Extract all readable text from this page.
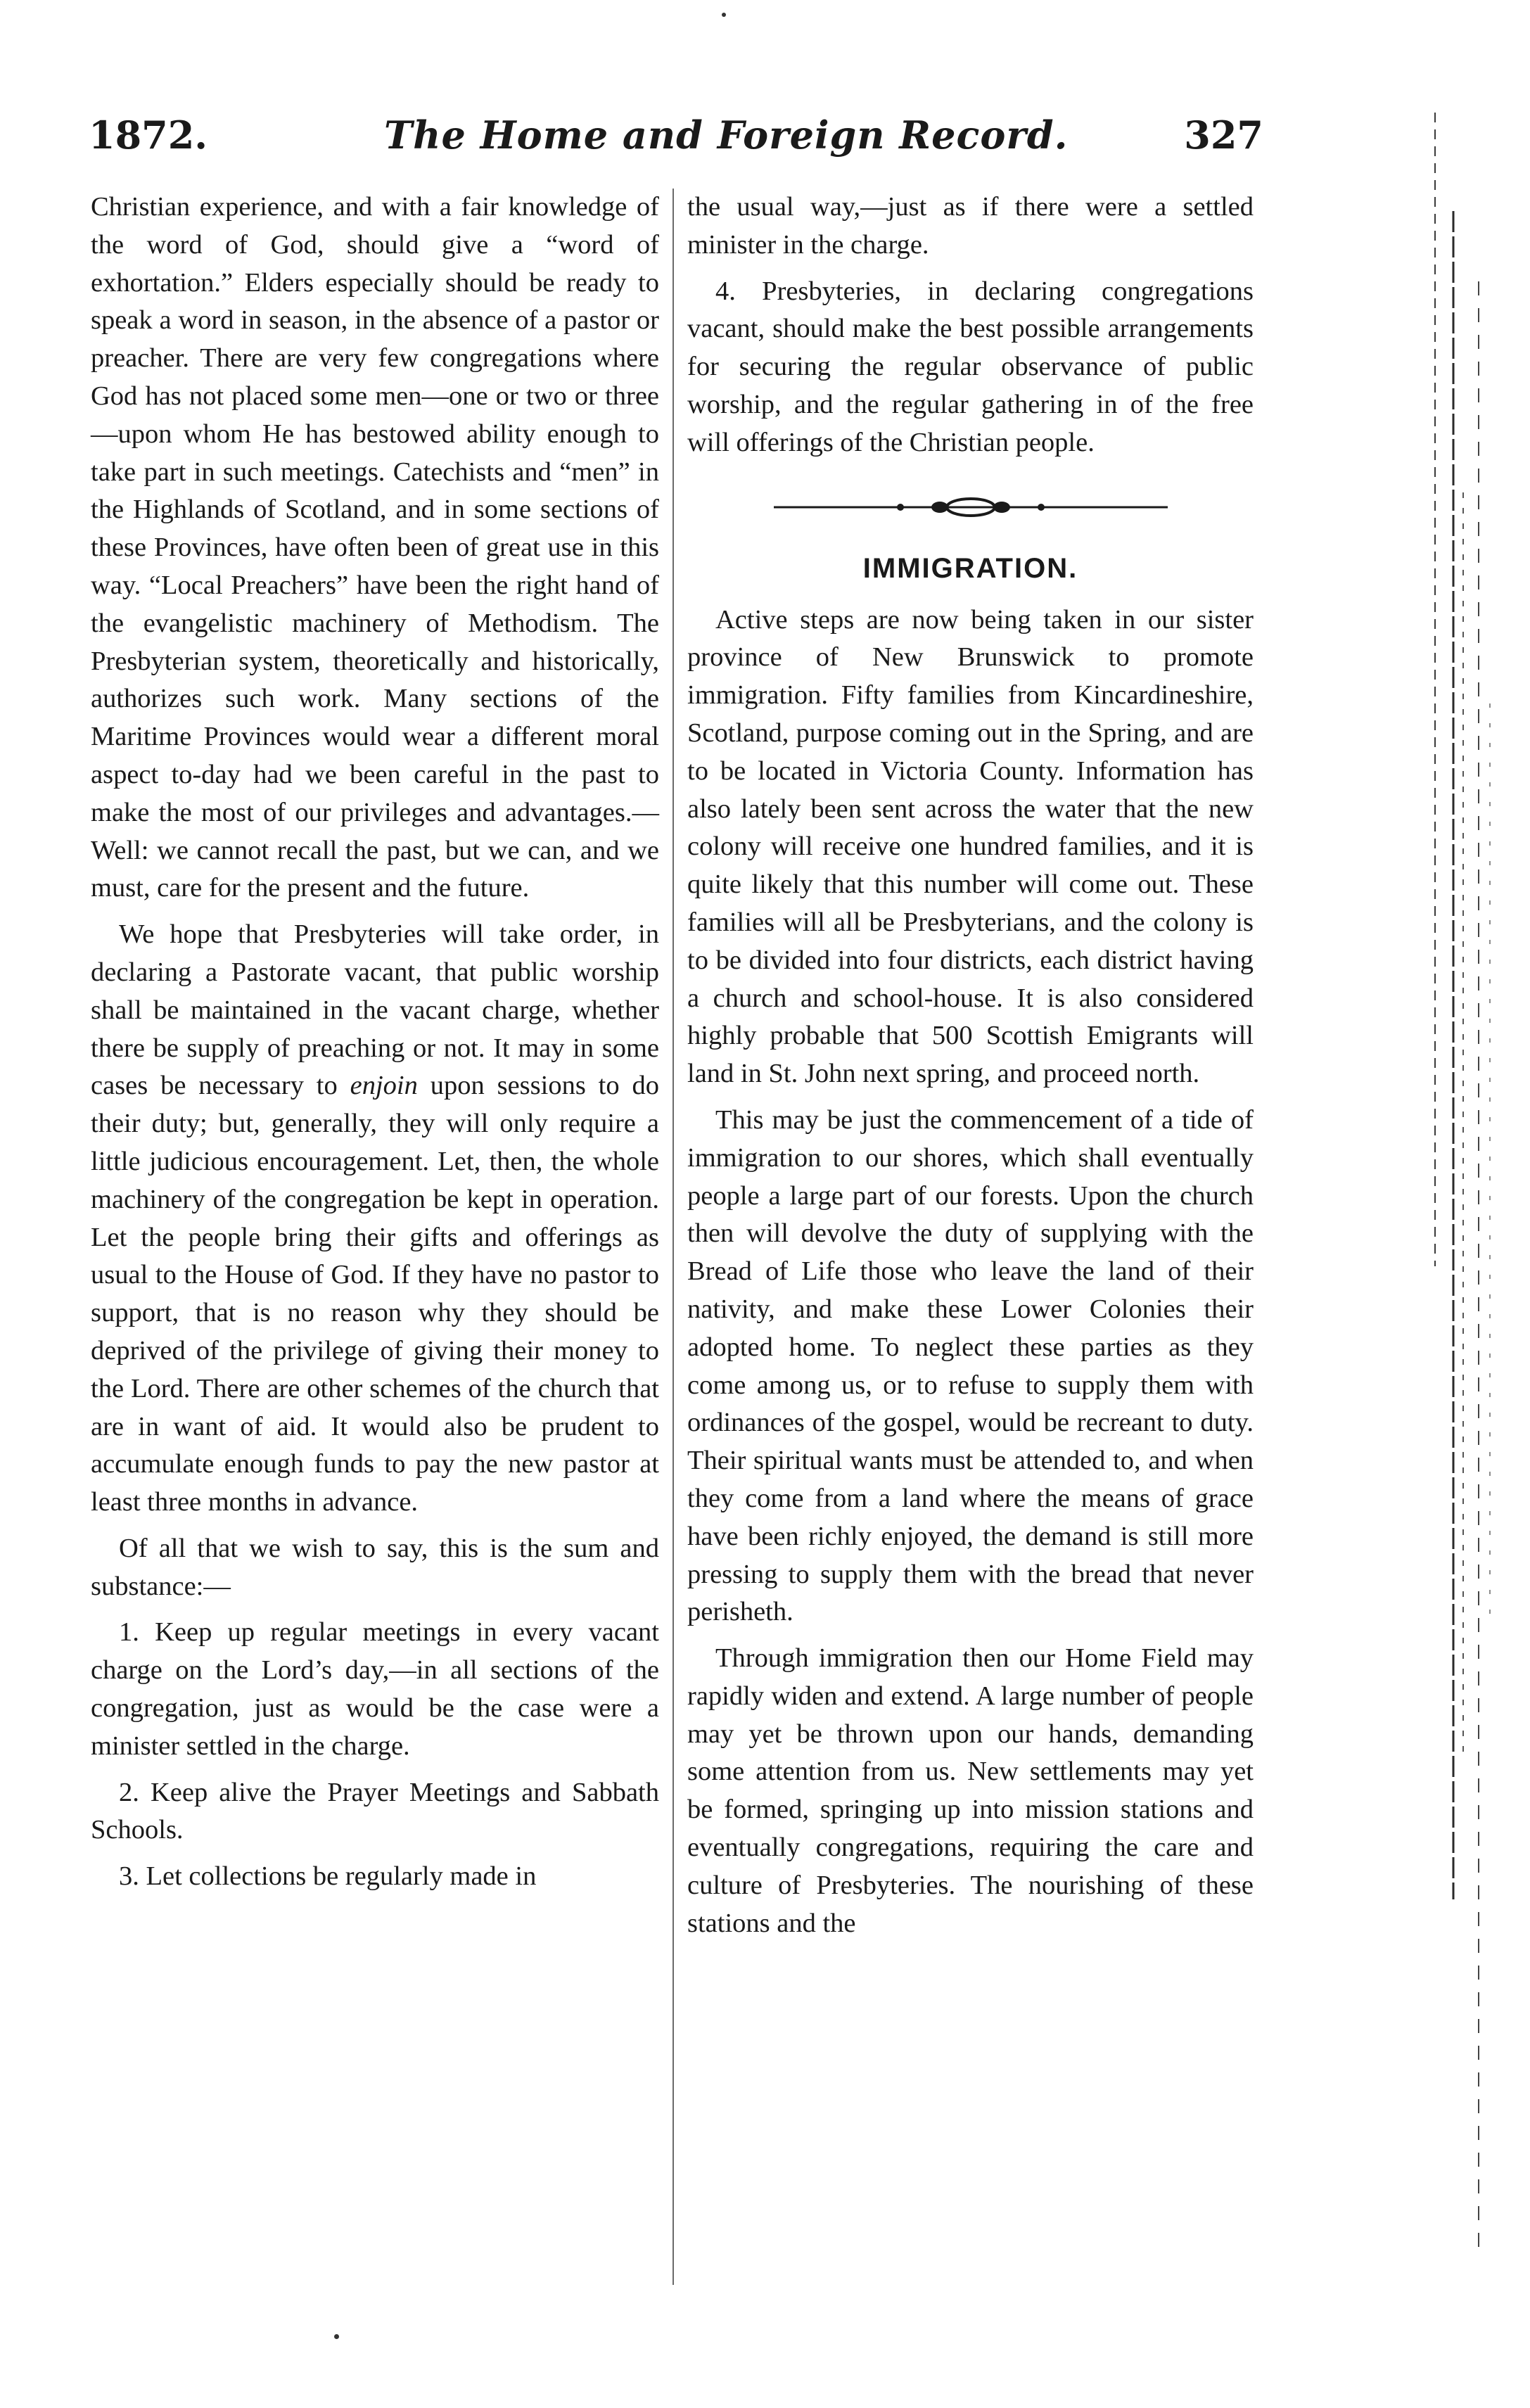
1872.	The Home and Foreign Record.	327

Christian experience, and with a fair knowledge of the word of God, should give a “word of exhortation.” Elders especially should be ready to speak a word in season, in the absence of a pastor or preacher. There are very few congregations where God has not placed some men—one or two or three—upon whom He has bestowed ability enough to take part in such meetings. Catechists and “men” in the Highlands of Scotland, and in some sections of these Provinces, have often been of great use in this way. “Local Preachers” have been the right hand of the evangelistic machinery of Methodism. The Presbyterian system, theoretically and historically, authorizes such work. Many sections of the Maritime Provinces would wear a different moral aspect to-day had we been careful in the past to make the most of our privileges and advantages.—Well: we cannot recall the past, but we can, and we must, care for the present and the future.

We hope that Presbyteries will take order, in declaring a Pastorate vacant, that public worship shall be maintained in the vacant charge, whether there be supply of preaching or not. It may in some cases be necessary to enjoin upon sessions to do their duty; but, generally, they will only require a little judicious encouragement. Let, then, the whole machinery of the congregation be kept in operation. Let the people bring their gifts and offerings as usual to the House of God. If they have no pastor to support, that is no reason why they should be deprived of the privilege of giving their money to the Lord. There are other schemes of the church that are in want of aid. It would also be prudent to accumulate enough funds to pay the new pastor at least three months in advance.

Of all that we wish to say, this is the sum and substance:—

1. Keep up regular meetings in every vacant charge on the Lord’s day,—in all sections of the congregation, just as would be the case were a minister settled in the charge.

2. Keep alive the Prayer Meetings and Sabbath Schools.

3. Let collections be regularly made in

the usual way,—just as if there were a settled minister in the charge.

4. Presbyteries, in declaring congregations vacant, should make the best possible arrangements for securing the regular observance of public worship, and the regular gathering in of the free will offerings of the Christian people.

IMMIGRATION.

Active steps are now being taken in our sister province of New Brunswick to promote immigration. Fifty families from Kincardineshire, Scotland, purpose coming out in the Spring, and are to be located in Victoria County. Information has also lately been sent across the water that the new colony will receive one hundred families, and it is quite likely that this number will come out. These families will all be Presbyterians, and the colony is to be divided into four districts, each district having a church and school-house. It is also considered highly probable that 500 Scottish Emigrants will land in St. John next spring, and proceed north.

This may be just the commencement of a tide of immigration to our shores, which shall eventually people a large part of our forests. Upon the church then will devolve the duty of supplying with the Bread of Life those who leave the land of their nativity, and make these Lower Colonies their adopted home. To neglect these parties as they come among us, or to refuse to supply them with ordinances of the gospel, would be recreant to duty. Their spiritual wants must be attended to, and when they come from a land where the means of grace have been richly enjoyed, the demand is still more pressing to supply them with the bread that never perisheth.

Through immigration then our Home Field may rapidly widen and extend. A large number of people may yet be thrown upon our hands, demanding some attention from us. New settlements may yet be formed, springing up into mission stations and eventually congregations, requiring the care and culture of Presbyteries. The nourishing of these stations and the
